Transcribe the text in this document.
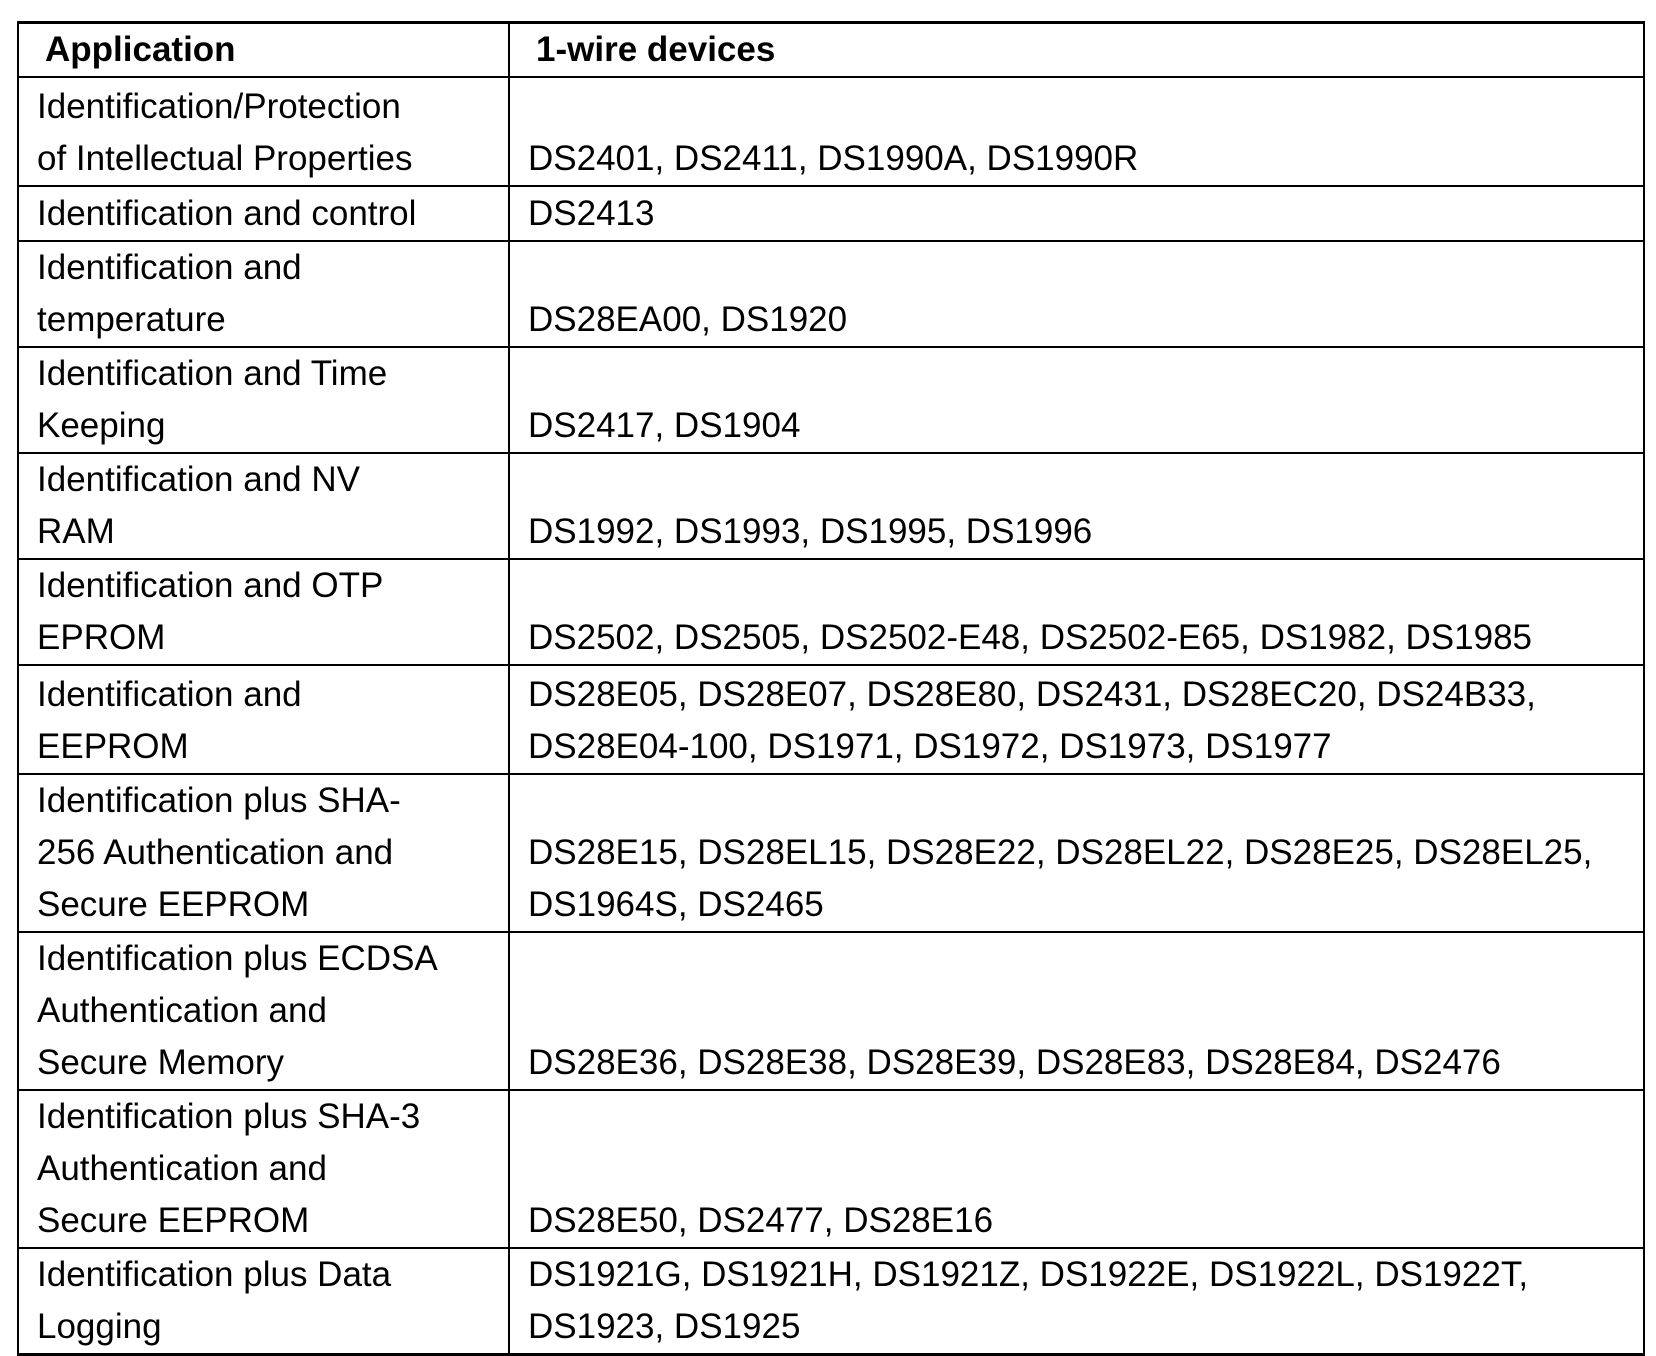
Application	1-wire devices

Identification/Protection
of Intellectual Properties	DS2401, DS2411, DS1990A, DS1990R

Identification and control	DS2413

Identification and
temperature	DS28EA00, DS1920

Identification and Time
Keeping	DS2417, DS1904

Identification and NV
RAM	DS1992, DS1993, DS1995, DS1996

Identification and OTP
EPROM	DS2502, DS2505, DS2502-E48, DS2502-E65, DS1982, DS1985

Identification and
EEPROM	DS28E05, DS28E07, DS28E80, DS2431, DS28EC20, DS24B33,
DS28E04-100, DS1971, DS1972, DS1973, DS1977

Identification plus SHA-
256 Authentication and
Secure EEPROM	DS28E15, DS28EL15, DS28E22, DS28EL22, DS28E25, DS28EL25,
DS1964S, DS2465

Identification plus ECDSA
Authentication and
Secure Memory	DS28E36, DS28E38, DS28E39, DS28E83, DS28E84, DS2476

Identification plus SHA-3
Authentication and
Secure EEPROM	DS28E50, DS2477, DS28E16

Identification plus Data
Logging	DS1921G, DS1921H, DS1921Z, DS1922E, DS1922L, DS1922T,
DS1923, DS1925
